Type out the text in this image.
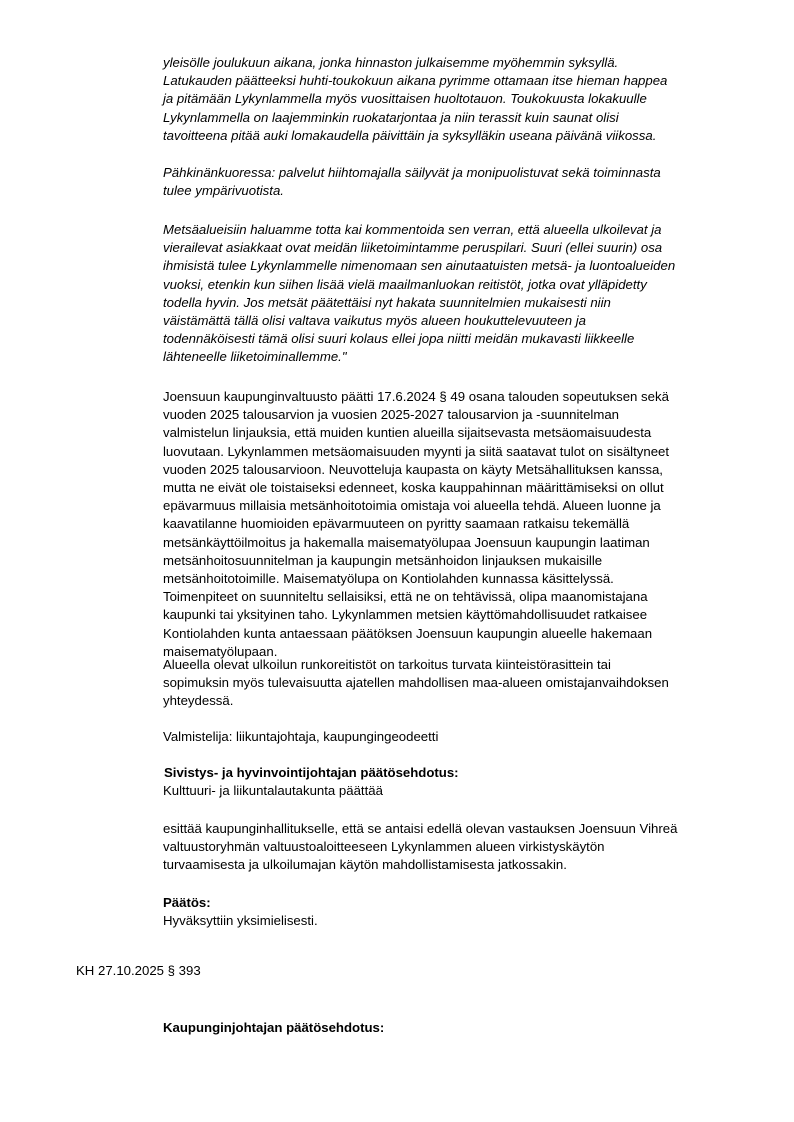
yleisölle joulukuun aikana, jonka hinnaston julkaisemme myöhemmin syksyllä.
Latukauden päätteeksi huhti-toukokuun aikana pyrimme ottamaan itse hieman happea
ja pitämään Lykynlammella myös vuosittaisen huoltotauon. Toukokuusta lokakuulle
Lykynlammella on laajemminkin ruokatarjontaa ja niin terassit kuin saunat olisi
tavoitteena pitää auki lomakaudella päivittäin ja syksylläkin useana päivänä viikossa.
Pähkinänkuoressa: palvelut hiihtomajalla säilyvät ja monipuolistuvat sekä toiminnasta
tulee ympärivuotista.
Metsäalueisiin haluamme totta kai kommentoida sen verran, että alueella ulkoilevat ja
vierailevat asiakkaat ovat meidän liiketoimintamme peruspilari. Suuri (ellei suurin) osa
ihmisistä tulee Lykynlammelle nimenomaan sen ainutaatuisten metsä- ja luontoalueiden
vuoksi, etenkin kun siihen lisää vielä maailmanluokan reitistöt, jotka ovat ylläpidetty
todella hyvin. Jos metsät päätettäisi nyt hakata suunnitelmien mukaisesti niin
väistämättä tällä olisi valtava vaikutus myös alueen houkuttelevuuteen ja
todennäköisesti tämä olisi suuri kolaus ellei jopa niitti meidän mukavasti liikkeelle
lähteneelle liiketoiminallemme."
Joensuun kaupunginvaltuusto päätti 17.6.2024 § 49 osana talouden sopeutuksen sekä
vuoden 2025 talousarvion ja vuosien 2025-2027 talousarvion ja -suunnitelman
valmistelun linjauksia, että muiden kuntien alueilla sijaitsevasta metsäomaisuudesta
luovutaan. Lykynlammen metsäomaisuuden myynti ja siitä saatavat tulot on sisältyneet
vuoden 2025 talousarvioon. Neuvotteluja kaupasta on käyty Metsähallituksen kanssa,
mutta ne eivät ole toistaiseksi edenneet, koska kauppahinnan määrittämiseksi on ollut
epävarmuus millaisia metsänhoitotoimia omistaja voi alueella tehdä. Alueen luonne ja
kaavatilanne huomioiden epävarmuuteen on pyritty saamaan ratkaisu tekemällä
metsänkäyttöilmoitus ja hakemalla maisematyölupaa Joensuun kaupungin laatiman
metsänhoitosuunnitelman ja kaupungin metsänhoidon linjauksen mukaisille
metsänhoitotoimille. Maisematyölupa on Kontiolahden kunnassa käsittelyssä.
Toimenpiteet on suunniteltu sellaisiksi, että ne on tehtävissä, olipa maanomistajana
kaupunki tai yksityinen taho. Lykynlammen metsien käyttömahdollisuudet ratkaisee
Kontiolahden kunta antaessaan päätöksen Joensuun kaupungin alueelle hakemaan
maisematyölupaan.
Alueella olevat ulkoilun runkoreitistöt on tarkoitus turvata kiinteistörasittein tai
sopimuksin myös tulevaisuutta ajatellen mahdollisen maa-alueen omistajanvaihdoksen
yhteydessä.
Valmistelija: liikuntajohtaja, kaupungingeodeetti
Sivistys- ja hyvinvointijohtajan päätösehdotus:
Kulttuuri- ja liikuntalautakunta päättää
esittää kaupunginhallitukselle, että se antaisi edellä olevan vastauksen Joensuun Vihreä
valtuustoryhmän valtuustoaloitteeseen Lykynlammen alueen virkistyskäytön
turvaamisesta ja ulkoilumajan käytön mahdollistamisesta jatkossakin.
Päätös:
Hyväksyttiin yksimielisesti.
KH 27.10.2025 § 393
Kaupunginjohtajan päätösehdotus:
